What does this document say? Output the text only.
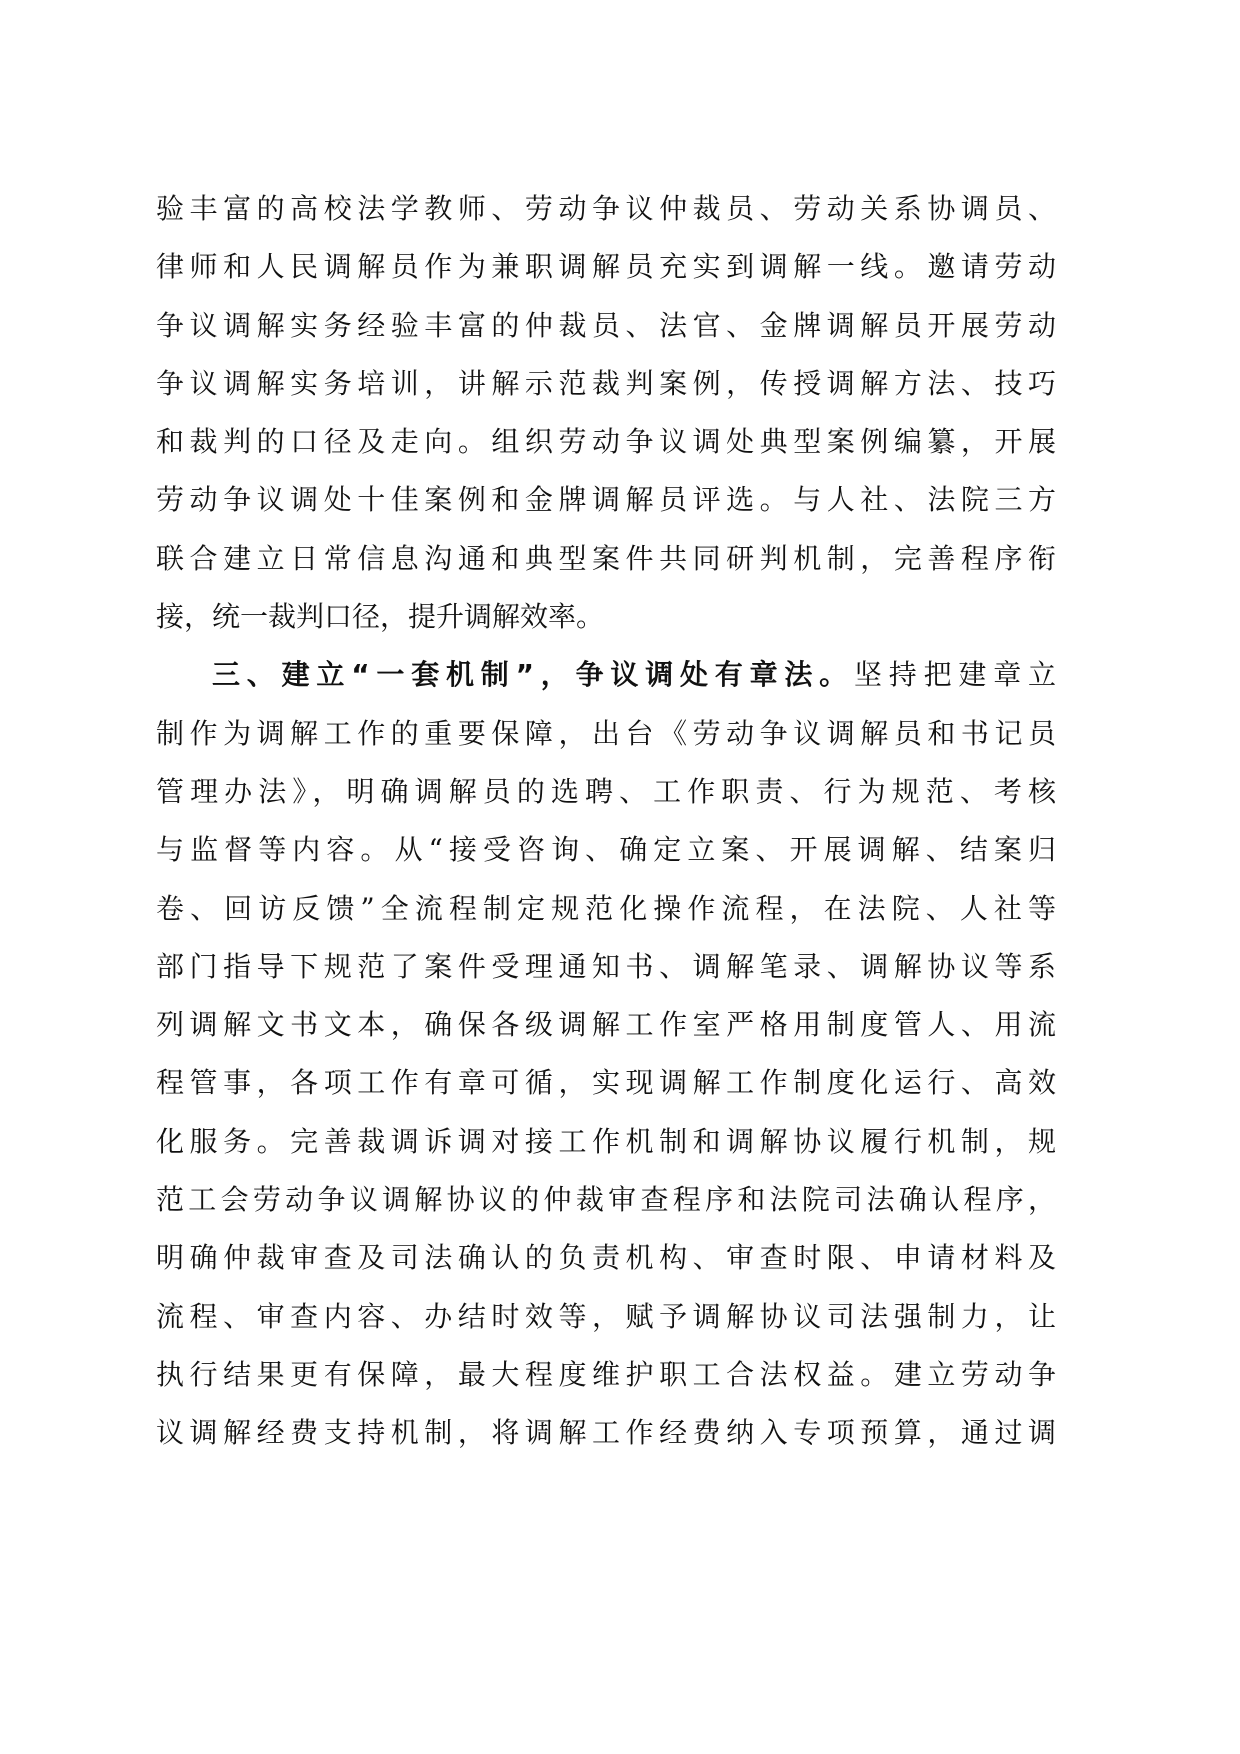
验丰富的高校法学教师、劳动争议仲裁员、劳动关系协调员、
律师和人民调解员作为兼职调解员充实到调解一线。邀请劳动
争议调解实务经验丰富的仲裁员、法官、金牌调解员开展劳动
争议调解实务培训，讲解示范裁判案例，传授调解方法、技巧
和裁判的口径及走向。组织劳动争议调处典型案例编纂，开展
劳动争议调处十佳案例和金牌调解员评选。与人社、法院三方
联合建立日常信息沟通和典型案件共同研判机制，完善程序衔
接，统一裁判口径，提升调解效率。
三、建立“一套机制”，争议调处有章法。坚持把建章立
制作为调解工作的重要保障，出台《劳动争议调解员和书记员
管理办法》，明确调解员的选聘、工作职责、行为规范、考核
与监督等内容。从“接受咨询、确定立案、开展调解、结案归
卷、回访反馈”全流程制定规范化操作流程，在法院、人社等
部门指导下规范了案件受理通知书、调解笔录、调解协议等系
列调解文书文本，确保各级调解工作室严格用制度管人、用流
程管事，各项工作有章可循，实现调解工作制度化运行、高效
化服务。完善裁调诉调对接工作机制和调解协议履行机制，规
范工会劳动争议调解协议的仲裁审查程序和法院司法确认程序，
明确仲裁审查及司法确认的负责机构、审查时限、申请材料及
流程、审查内容、办结时效等，赋予调解协议司法强制力，让
执行结果更有保障，最大程度维护职工合法权益。建立劳动争
议调解经费支持机制，将调解工作经费纳入专项预算，通过调
